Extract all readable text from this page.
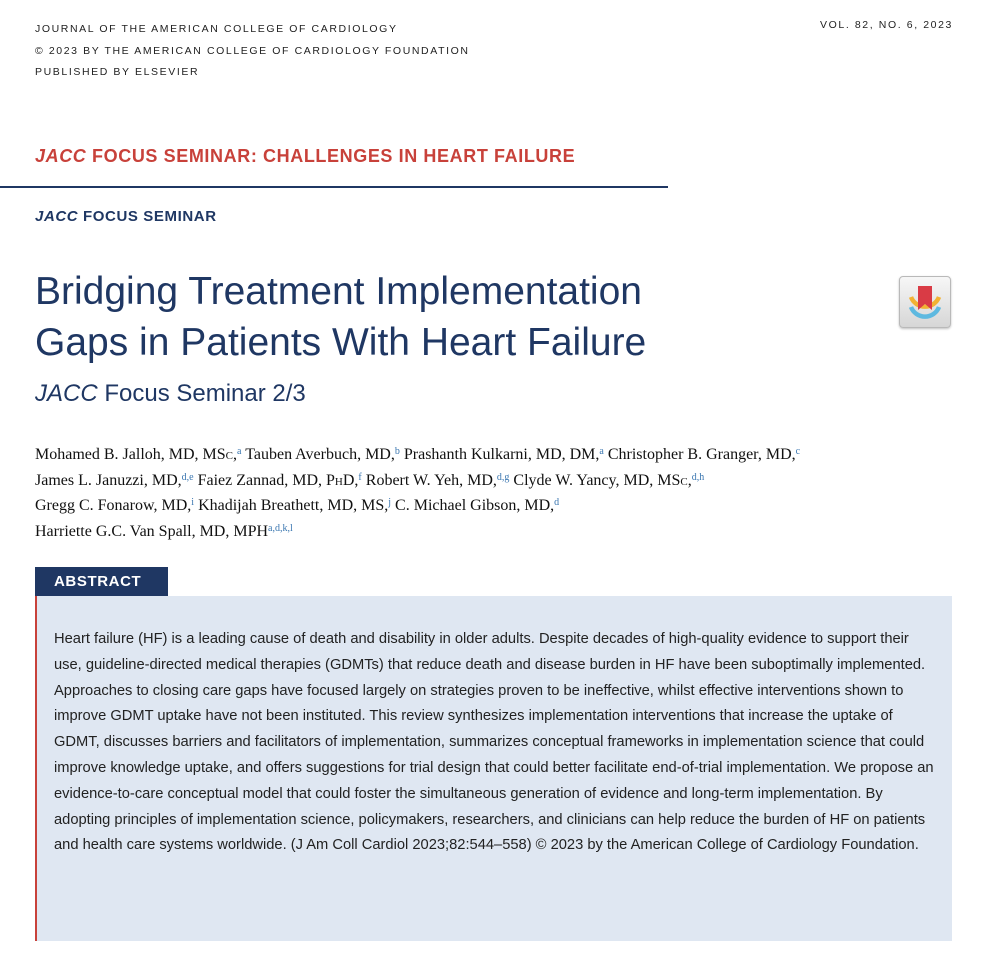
JOURNAL OF THE AMERICAN COLLEGE OF CARDIOLOGY
© 2023 BY THE AMERICAN COLLEGE OF CARDIOLOGY FOUNDATION
PUBLISHED BY ELSEVIER
VOL. 82, NO. 6, 2023
JACC FOCUS SEMINAR: CHALLENGES IN HEART FAILURE
JACC FOCUS SEMINAR
Bridging Treatment Implementation
Gaps in Patients With Heart Failure
JACC Focus Seminar 2/3
Mohamed B. Jalloh, MD, MSc,$^a$ Tauben Averbuch, MD,$^b$ Prashanth Kulkarni, MD, DM,$^a$ Christopher B. Granger, MD,$^c$
James L. Januzzi, MD,$^{d,e}$ Faiez Zannad, MD, PhD,$^f$ Robert W. Yeh, MD,$^{d,g}$ Clyde W. Yancy, MD, MSc,$^{d,h}$
Gregg C. Fonarow, MD,$^i$ Khadijah Breathett, MD, MS,$^j$ C. Michael Gibson, MD,$^d$
Harriette G.C. Van Spall, MD, MPH$^{a,d,k,l}$
ABSTRACT

Heart failure (HF) is a leading cause of death and disability in older adults. Despite decades of high-quality evidence to support their use, guideline-directed medical therapies (GDMTs) that reduce death and disease burden in HF have been suboptimally implemented. Approaches to closing care gaps have focused largely on strategies proven to be ineffective, whilst effective interventions shown to improve GDMT uptake have not been instituted. This review synthesizes implementation interventions that increase the uptake of GDMT, discusses barriers and facilitators of implementation, summarizes conceptual frameworks in implementation science that could improve knowledge uptake, and offers suggestions for trial design that could better facilitate end-of-trial implementation. We propose an evidence-to-care conceptual model that could foster the simultaneous generation of evidence and long-term implementation. By adopting principles of implementation science, policymakers, researchers, and clinicians can help reduce the burden of HF on patients and health care systems worldwide. (J Am Coll Cardiol 2023;82:544–558) © 2023 by the American College of Cardiology Foundation.
